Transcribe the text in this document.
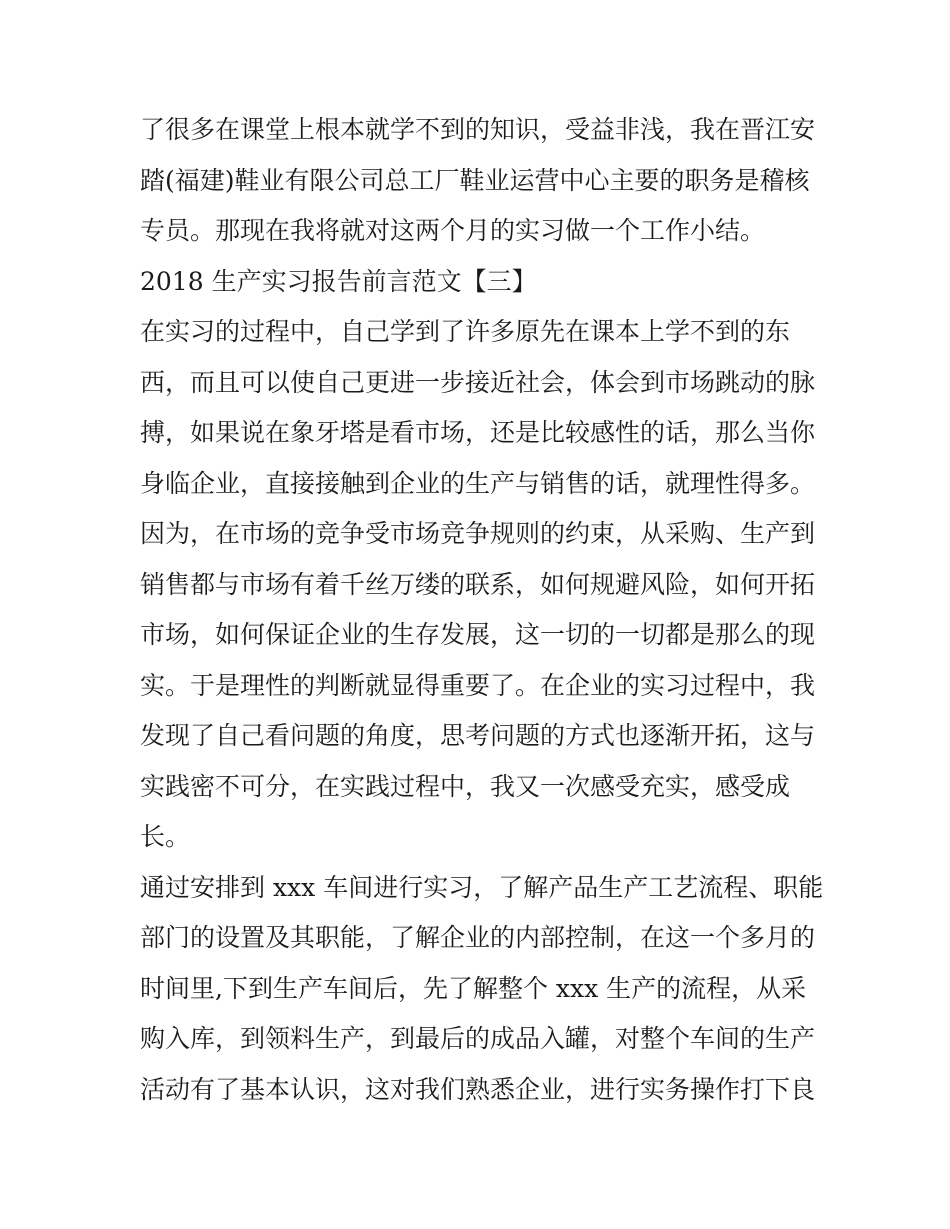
了很多在课堂上根本就学不到的知识，受益非浅，我在晋江安
踏(福建)鞋业有限公司总工厂鞋业运营中心主要的职务是稽核
专员。那现在我将就对这两个月的实习做一个工作小结。
2018 生产实习报告前言范文【三】
在实习的过程中，自己学到了许多原先在课本上学不到的东
西，而且可以使自己更进一步接近社会，体会到市场跳动的脉
搏，如果说在象牙塔是看市场，还是比较感性的话，那么当你
身临企业，直接接触到企业的生产与销售的话，就理性得多。
因为，在市场的竞争受市场竞争规则的约束，从采购、生产到
销售都与市场有着千丝万缕的联系，如何规避风险，如何开拓
市场，如何保证企业的生存发展，这一切的一切都是那么的现
实。于是理性的判断就显得重要了。在企业的实习过程中，我
发现了自己看问题的角度，思考问题的方式也逐渐开拓，这与
实践密不可分，在实践过程中，我又一次感受充实，感受成
长。
通过安排到 xxx 车间进行实习，了解产品生产工艺流程、职能
部门的设置及其职能，了解企业的内部控制，在这一个多月的
时间里,下到生产车间后，先了解整个 xxx 生产的流程，从采
购入库，到领料生产，到最后的成品入罐，对整个车间的生产
活动有了基本认识，这对我们熟悉企业，进行实务操作打下良
